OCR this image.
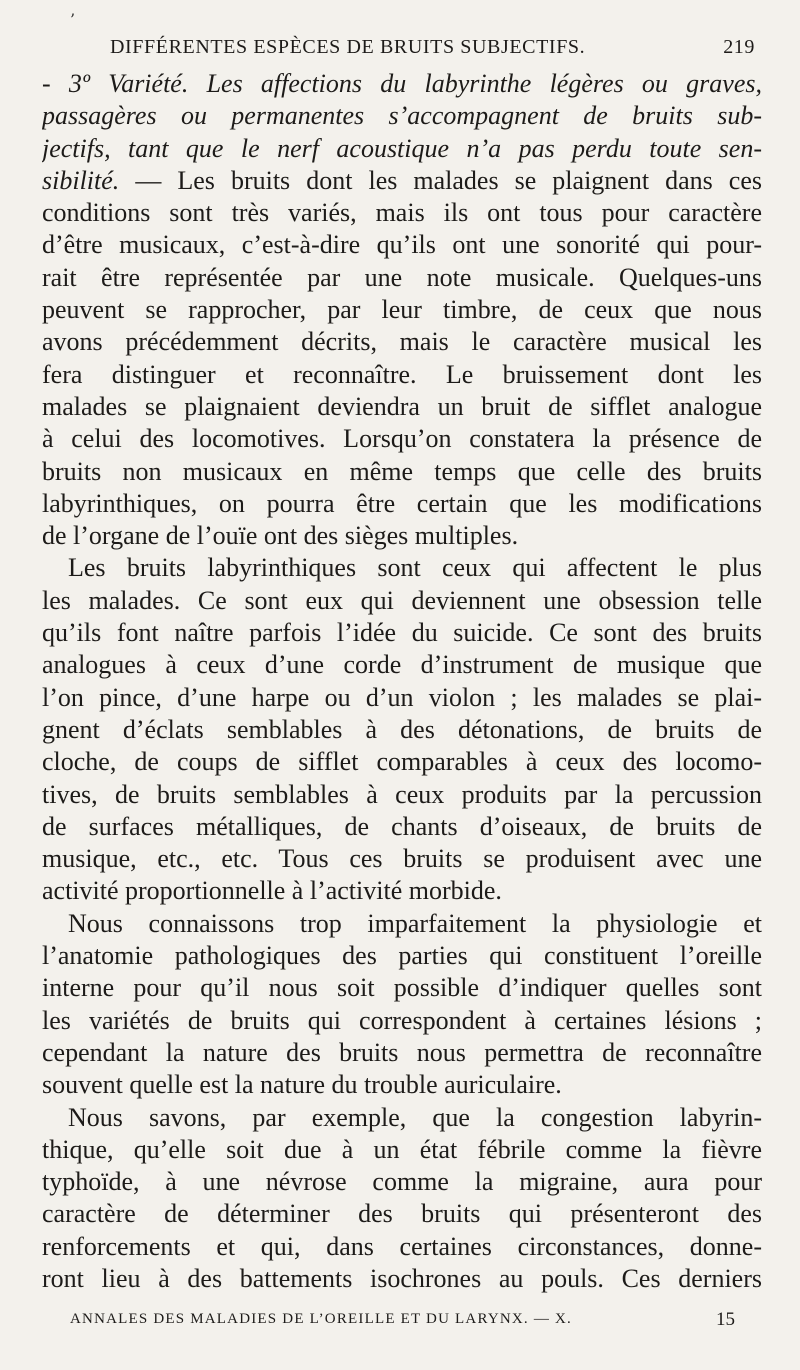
’
DIFFÉRENTES ESPÈCES DE BRUITS SUBJECTIFS.	219
- 3º Variété. Les affections du labyrinthe légères ou graves,
passagères ou permanentes s’accompagnent de bruits sub-
jectifs, tant que le nerf acoustique n’a pas perdu toute sen-
sibilité. — Les bruits dont les malades se plaignent dans ces
conditions sont très variés, mais ils ont tous pour caractère
d’être musicaux, c’est-à-dire qu’ils ont une sonorité qui pour-
rait être représentée par une note musicale. Quelques-uns
peuvent se rapprocher, par leur timbre, de ceux que nous
avons précédemment décrits, mais le caractère musical les
fera distinguer et reconnaître. Le bruissement dont les
malades se plaignaient deviendra un bruit de sifflet analogue
à celui des locomotives. Lorsqu’on constatera la présence de
bruits non musicaux en même temps que celle des bruits
labyrinthiques, on pourra être certain que les modifications
de l’organe de l’ouïe ont des sièges multiples.
Les bruits labyrinthiques sont ceux qui affectent le plus
les malades. Ce sont eux qui deviennent une obsession telle
qu’ils font naître parfois l’idée du suicide. Ce sont des bruits
analogues à ceux d’une corde d’instrument de musique que
l’on pince, d’une harpe ou d’un violon ; les malades se plai-
gnent d’éclats semblables à des détonations, de bruits de
cloche, de coups de sifflet comparables à ceux des locomo-
tives, de bruits semblables à ceux produits par la percussion
de surfaces métalliques, de chants d’oiseaux, de bruits de
musique, etc., etc. Tous ces bruits se produisent avec une
activité proportionnelle à l’activité morbide.
Nous connaissons trop imparfaitement la physiologie et
l’anatomie pathologiques des parties qui constituent l’oreille
interne pour qu’il nous soit possible d’indiquer quelles sont
les variétés de bruits qui correspondent à certaines lésions ;
cependant la nature des bruits nous permettra de reconnaître
souvent quelle est la nature du trouble auriculaire.
Nous savons, par exemple, que la congestion labyrin-
thique, qu’elle soit due à un état fébrile comme la fièvre
typhoïde, à une névrose comme la migraine, aura pour
caractère de déterminer des bruits qui présenteront des
renforcements et qui, dans certaines circonstances, donne-
ront lieu à des battements isochrones au pouls. Ces derniers
ANNALES DES MALADIES DE L’OREILLE ET DU LARYNX. — X.	15
